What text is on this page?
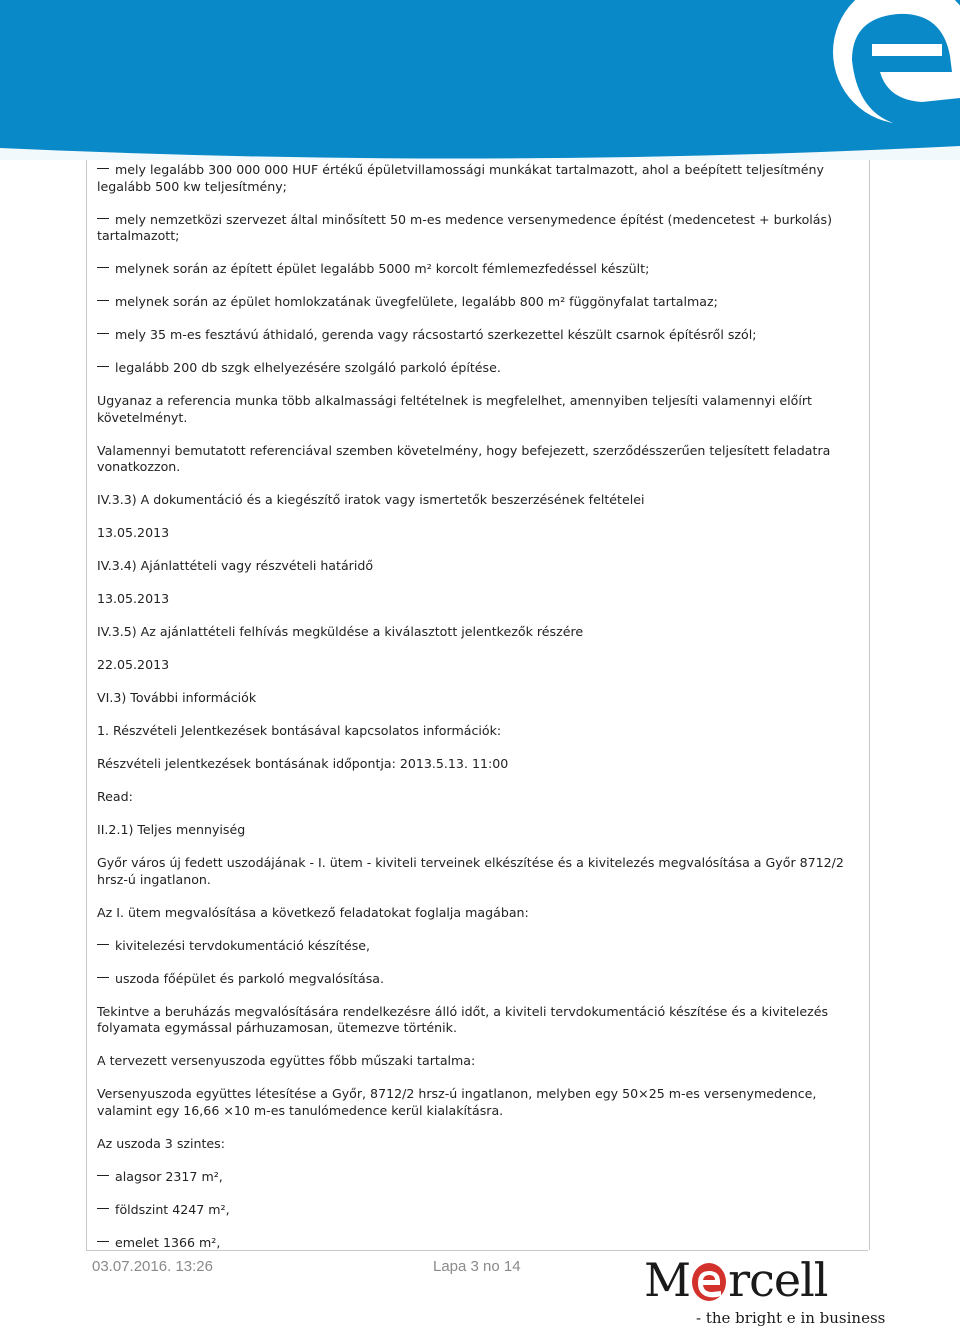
mely legalább 300 000 000 HUF értékű épületvillamossági munkákat tartalmazott, ahol a beépített teljesítmény legalább 500 kw teljesítmény;

mely nemzetközi szervezet által minősített 50 m-es medence versenymedence építést (medencetest + burkolás) tartalmazott;

melynek során az épített épület legalább 5000 m² korcolt fémlemezfedéssel készült;

melynek során az épület homlokzatának üvegfelülete, legalább 800 m² függönyfalat tartalmaz;

mely 35 m-es fesztávú áthidaló, gerenda vagy rácsostartó szerkezettel készült csarnok építésről szól;

legalább 200 db szgk elhelyezésére szolgáló parkoló építése.

Ugyanaz a referencia munka több alkalmassági feltételnek is megfelelhet, amennyiben teljesíti valamennyi előírt követelményt.

Valamennyi bemutatott referenciával szemben követelmény, hogy befejezett, szerződésszerűen teljesített feladatra vonatkozzon.

IV.3.3) A dokumentáció és a kiegészítő iratok vagy ismertetők beszerzésének feltételei

13.05.2013

IV.3.4) Ajánlattételi vagy részvételi határidő

13.05.2013

IV.3.5) Az ajánlattételi felhívás megküldése a kiválasztott jelentkezők részére

22.05.2013

VI.3) További információk

1. Részvételi Jelentkezések bontásával kapcsolatos információk:

Részvételi jelentkezések bontásának időpontja: 2013.5.13. 11:00

Read:

II.2.1) Teljes mennyiség

Győr város új fedett uszodájának - I. ütem - kiviteli terveinek elkészítése és a kivitelezés megvalósítása a Győr 8712/2 hrsz-ú ingatlanon.

Az I. ütem megvalósítása a következő feladatokat foglalja magában:

kivitelezési tervdokumentáció készítése,

uszoda főépület és parkoló megvalósítása.

Tekintve a beruházás megvalósítására rendelkezésre álló időt, a kiviteli tervdokumentáció készítése és a kivitelezés folyamata egymással párhuzamosan, ütemezve történik.

A tervezett versenyuszoda együttes főbb műszaki tartalma:

Versenyuszoda együttes létesítése a Győr, 8712/2 hrsz-ú ingatlanon, melyben egy 50×25 m-es versenymedence, valamint egy 16,66 ×10 m-es tanulómedence kerül kialakításra.

Az uszoda 3 szintes:

alagsor 2317 m²,

földszint 4247 m²,

emelet 1366 m²,

03.07.2016. 13:26	Lapa 3 no 14	M rcell
- the bright e in business
